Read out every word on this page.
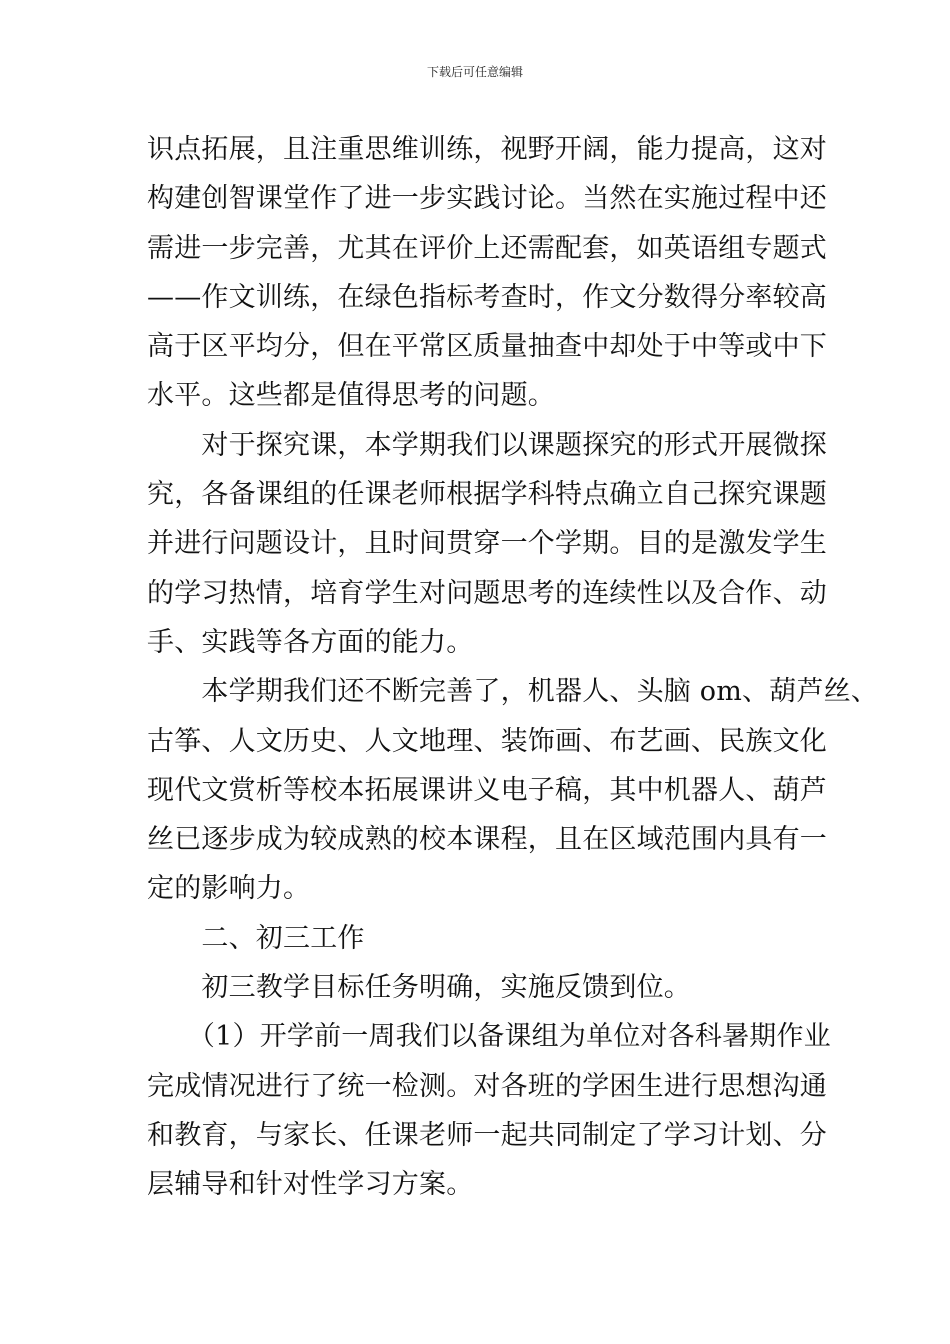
下载后可任意编辑
识点拓展，且注重思维训练，视野开阔，能力提高，这对
构建创智课堂作了进一步实践讨论。当然在实施过程中还
需进一步完善，尤其在评价上还需配套，如英语组专题式
——作文训练，在绿色指标考查时，作文分数得分率较高
高于区平均分，但在平常区质量抽查中却处于中等或中下
水平。这些都是值得思考的问题。
　　对于探究课，本学期我们以课题探究的形式开展微探
究，各备课组的任课老师根据学科特点确立自己探究课题
并进行问题设计，且时间贯穿一个学期。目的是激发学生
的学习热情，培育学生对问题思考的连续性以及合作、动
手、实践等各方面的能力。
　　本学期我们还不断完善了，机器人、头脑 om、葫芦丝、
古筝、人文历史、人文地理、装饰画、布艺画、民族文化
现代文赏析等校本拓展课讲义电子稿，其中机器人、葫芦
丝已逐步成为较成熟的校本课程，且在区域范围内具有一
定的影响力。
　　二、初三工作
　　初三教学目标任务明确，实施反馈到位。
　　（1）开学前一周我们以备课组为单位对各科暑期作业
完成情况进行了统一检测。对各班的学困生进行思想沟通
和教育，与家长、任课老师一起共同制定了学习计划、分
层辅导和针对性学习方案。
